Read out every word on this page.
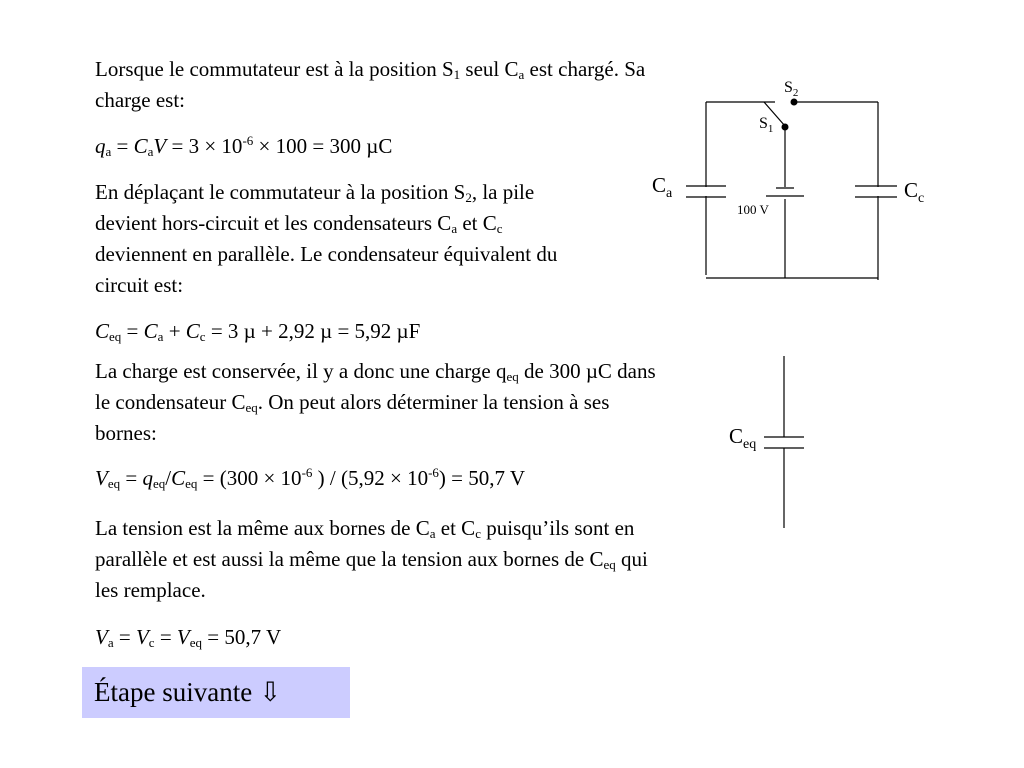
Lorsque le commutateur est à la position $S_1$ seul $C_a$ est chargé. Sa charge est:

$q_a = C_aV = 3 \times 10^{-6} \times 100 = 300$ µC

En déplaçant le commutateur à la position $S_2$, la pile devient hors-circuit et les condensateurs $C_a$ et $C_c$ deviennent en parallèle. Le condensateur équivalent du circuit est:

$C_{eq} = C_a + C_c = 3$ µ + 2,92 µ = 5,92 µF

La charge est conservée, il y a donc une charge $q_{eq}$ de 300 µC dans le condensateur $C_{eq}$. On peut alors déterminer la tension à ses bornes:

$V_{eq} = q_{eq}/C_{eq} = (300 \times 10^{-6}$ ) / $(5,92 \times 10^{-6}) = 50,7$ V

La tension est la même aux bornes de $C_a$ et $C_c$ puisqu’ils sont en parallèle et est aussi la même que la tension aux bornes de $C_{eq}$ qui les remplace.

$V_a = V_c = V_{eq} = 50,7$ V

Étape suivante ⇩
$S_2$
$S_1$
$C_a$	$C_c$
100 V
$C_{eq}$
